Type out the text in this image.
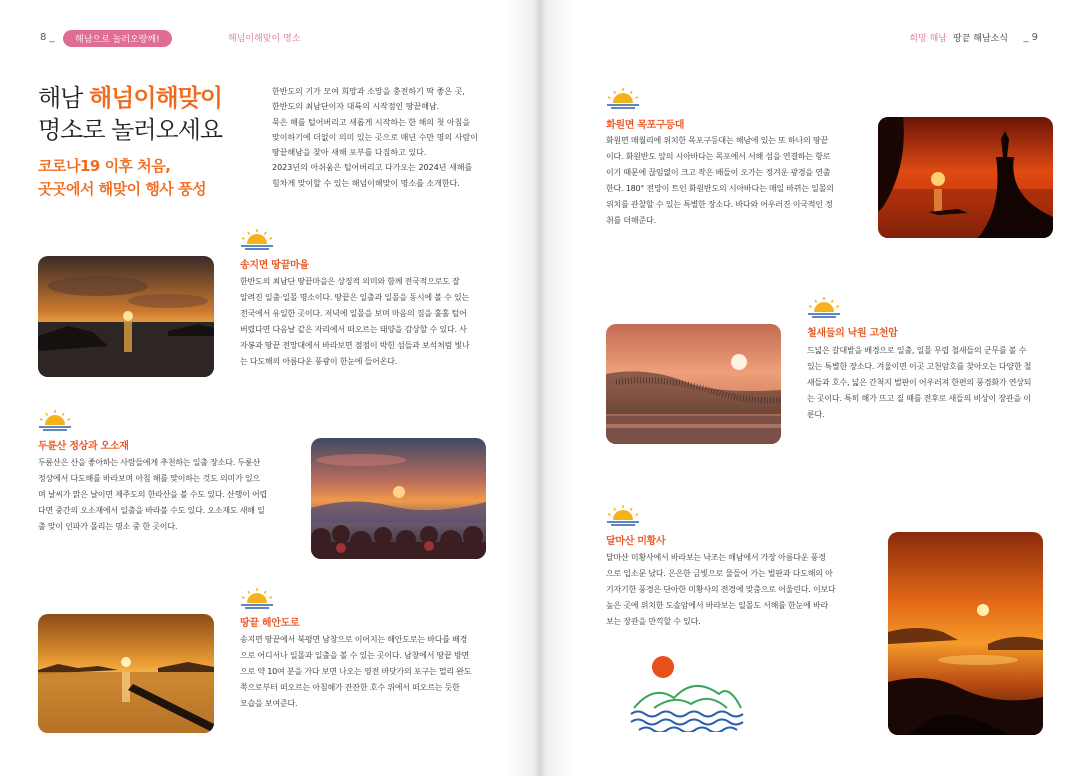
8 _	해남으로 놀러오랑께!	해넘이해맞이 명소
해남 해넘이해맞이
명소로 놀러오세요
코로나19 이후 처음,
곳곳에서 해맞이 행사 풍성
한반도의 기가 모여 희망과 소망을 충전하기 딱 좋은 곳,
한반도의 최남단이자 대륙의 시작점인 땅끝해남.
묵은 해를 털어버리고 새롭게 시작하는 한 해의 첫 아침을
맞이하기에 더없이 의미 있는 곳으로 매년 수만 명의 사람이
땅끝해남을 찾아 새해 포부를 다짐하고 있다.
2023년의 아쉬움은 털어버리고 다가오는 2024년 새해를
힘차게 맞이할 수 있는 해넘이해맞이 명소를 소개한다.
송지면 땅끝마을
한반도의 최남단 땅끝마을은 상징적 의미와 함께 전국적으로도 잘
알려진 일출·일몰 명소이다. 땅끝은 일출과 일몰을 동시에 볼 수 있는
전국에서 유일한 곳이다. 저녁에 일몰을 보며 마음의 짐을 훌훌 털어
버렸다면 다음날 같은 자리에서 떠오르는 태양을 감상할 수 있다. 사
자봉과 땅끝 전망대에서 바라보면 점점이 박힌 섬들과 보석처럼 빛나
는 다도해의 아름다운 풍광이 한눈에 들어온다.
두륜산 정상과 오소재
두륜산은 산을 좋아하는 사람들에게 추천하는 일출 장소다. 두륜산
정상에서 다도해를 바라보며 아침 해를 맞이하는 것도 의미가 있으
며 날씨가 맑은 날이면 제주도의 한라산을 볼 수도 있다. 산행이 어렵
다면 중간의 오소재에서 일출을 바라볼 수도 있다. 오소재도 새해 일
출 맞이 인파가 몰리는 명소 중 한 곳이다.
땅끝 해안도로
송지면 땅끝에서 북평면 남창으로 이어지는 해안도로는 바다를 배경
으로 어디서나 일몰과 일출을 볼 수 있는 곳이다. 남창에서 땅끝 방면
으로 약 10여 분을 가다 보면 나오는 영전 바닷가의 포구는 멀리 완도
쪽으로부터 떠오르는 아침해가 잔잔한 호수 위에서 떠오르는 듯한
모습을 보여준다.
희망 해남 땅끝 해남소식 _ 9
화원면 목포구등대
화원면 매월리에 위치한 목포구등대는 해남에 있는 또 하나의 땅끝
이다. 화원반도 앞의 시아바다는 목포에서 서해 섬을 연결하는 항로
이기 때문에 끊임없이 크고 작은 배들이 오가는 정겨운 광경을 연출
한다. 180° 전망이 트인 화원반도의 시아바다는 매일 바뀌는 일몰의
위치를 관찰할 수 있는 특별한 장소다. 바다와 어우러진 이국적인 정
취를 더해준다.
철새들의 낙원 고천암
드넓은 갈대밭을 배경으로 일출, 일몰 무렵 철새들의 군무를 볼 수
있는 특별한 장소다. 겨울이면 이곳 고천암호를 찾아오는 다양한 철
새들과 호수, 넓은 간척지 벌판이 어우러져 한편의 풍경화가 연상되
는 곳이다. 특히 해가 뜨고 질 때를 전후로 새들의 비상이 장관을 이
룬다.
달마산 미황사
달마산 미황사에서 바라보는 낙조는 해남에서 가장 아름다운 풍경
으로 입소문 났다. 은은한 금빛으로 물들어 가는 벌판과 다도해의 아
기자기한 풍경은 단아한 미황사의 전경에 맞춤으로 어울린다. 이보다
높은 곳에 위치한 도솔암에서 바라보는 일몰도 서해를 한눈에 바라
보는 장관을 만끽할 수 있다.
